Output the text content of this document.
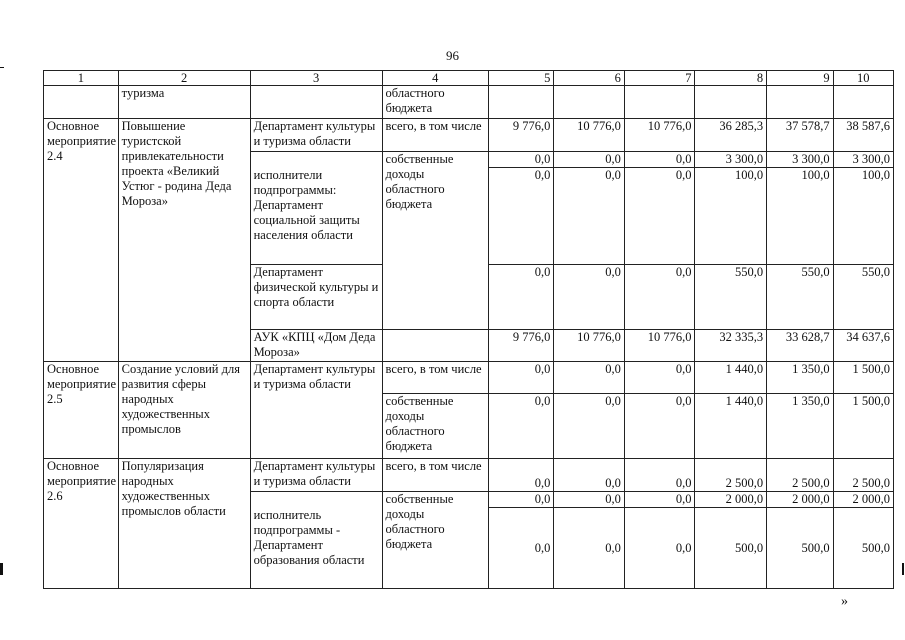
96
1	2	3	4	5	6	7	8	9	10
	туризма		областного бюджета						
Основное мероприятие 2.4	Повышение туристской привлекательности проекта «Великий Устюг - родина Деда Мороза»	Департамент культуры и туризма области	всего, в том числе	9 776,0	10 776,0	10 776,0	36 285,3	37 578,7	38 587,6
			собственные доходы областного бюджета	0,0	0,0	0,0	3 300,0	3 300,0	3 300,0
		исполнители подпрограммы: Департамент социальной защиты населения области		0,0	0,0	0,0	100,0	100,0	100,0
		Департамент физической культуры и спорта области		0,0	0,0	0,0	550,0	550,0	550,0
		АУК «КПЦ «Дом Деда Мороза»		9 776,0	10 776,0	10 776,0	32 335,3	33 628,7	34 637,6
Основное мероприятие 2.5	Создание условий для развития сферы народных художественных промыслов	Департамент культуры и туризма области	всего, в том числе	0,0	0,0	0,0	1 440,0	1 350,0	1 500,0
			собственные доходы областного бюджета	0,0	0,0	0,0	1 440,0	1 350,0	1 500,0
Основное мероприятие 2.6	Популяризация народных художественных промыслов области	Департамент культуры и туризма области	всего, в том числе	0,0	0,0	0,0	2 500,0	2 500,0	2 500,0
			собственные доходы областного бюджета	0,0	0,0	0,0	2 000,0	2 000,0	2 000,0
		исполнитель подпрограммы - Департамент образования области		0,0	0,0	0,0	500,0	500,0	500,0
»
